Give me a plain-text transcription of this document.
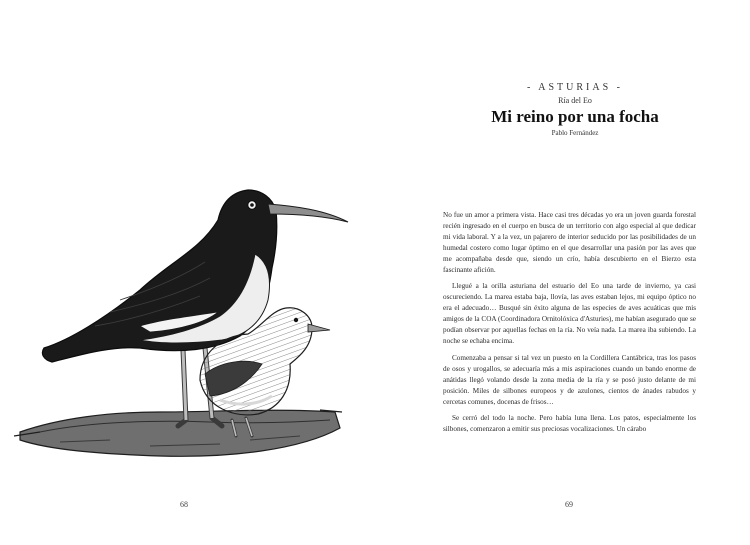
68
- ASTURIAS -
Ría del Eo
Mi reino por una focha
Pablo Fernández

No fue un amor a primera vista. Hace casi tres décadas yo era un joven guarda forestal recién ingresado en el cuerpo en busca de un territorio con algo especial al que dedicar mi vida laboral. Y a la vez, un pajarero de interior seducido por las posibilidades de un humedal costero como lugar óptimo en el que desarrollar una pasión por las aves que me acompañaba desde que, siendo un crío, había descubierto en el Bierzo esta fascinante afición.

Llegué a la orilla asturiana del estuario del Eo una tarde de invierno, ya casi oscureciendo. La marea estaba baja, llovía, las aves estaban lejos, mi equipo óptico no era el adecuado… Busqué sin éxito alguna de las especies de aves acuáticas que mis amigos de la COA (Coordinadora Ornitolóxica d'Asturies), me habían asegurado que se podían observar por aquellas fechas en la ría. No veía nada. La marea iba subiendo. La noche se echaba encima.

Comenzaba a pensar si tal vez un puesto en la Cordillera Cantábrica, tras los pasos de osos y urogallos, se adecuaría más a mis aspiraciones cuando un bando enorme de anátidas llegó volando desde la zona media de la ría y se posó justo delante de mi posición. Miles de silbones europeos y de azulones, cientos de ánades rabudos y cercetas comunes, docenas de frisos…

Se cerró del todo la noche. Pero había luna llena. Los patos, especialmente los silbones, comenzaron a emitir sus preciosas vocalizaciones. Un cárabo

69
